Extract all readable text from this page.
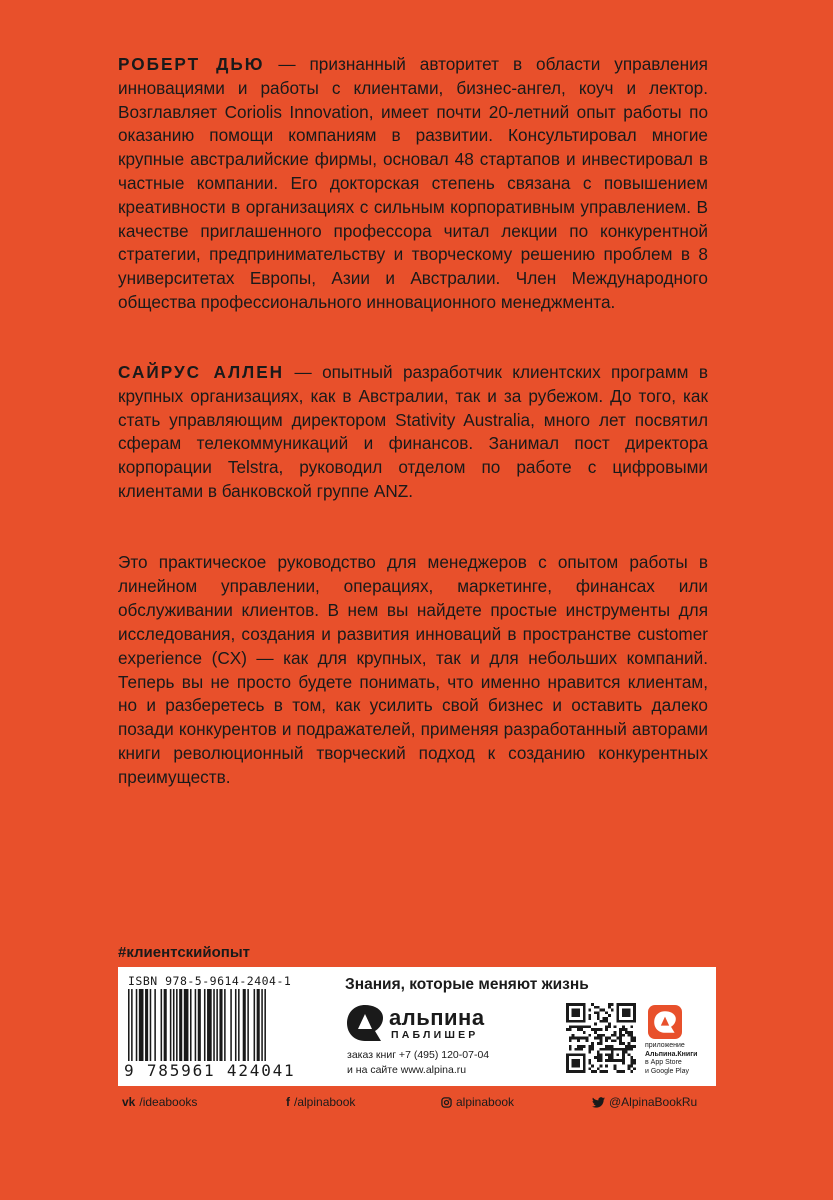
РОБЕРТ ДЬЮ — признанный авторитет в области управления инновациями и работы с клиентами, бизнес-ангел, коуч и лектор. Возглавляет Coriolis Innovation, имеет почти 20-летний опыт работы по оказанию помощи компаниям в развитии. Консультировал многие крупные австралийские фирмы, основал 48 стартапов и инвестировал в частные компании. Его докторская степень связана с повышением креативности в организациях с сильным корпоративным управлением. В качестве приглашенного профессора читал лекции по конкурентной стратегии, предпринимательству и творческому решению проблем в 8 университетах Европы, Азии и Австралии. Член Международного общества профессионального инновационного менеджмента.

САЙРУС АЛЛЕН — опытный разработчик клиентских программ в крупных организациях, как в Австралии, так и за рубежом. До того, как стать управляющим директором Stativity Australia, много лет посвятил сферам телекоммуникаций и финансов. Занимал пост директора корпорации Telstra, руководил отделом по работе с цифровыми клиентами в банковской группе ANZ.

Это практическое руководство для менеджеров с опытом работы в линейном управлении, операциях, маркетинге, финансах или обслуживании клиентов. В нем вы найдете простые инструменты для исследования, создания и развития инноваций в пространстве customer experience (CX) — как для крупных, так и для небольших компаний. Теперь вы не просто будете понимать, что именно нравится клиентам, но и разберетесь в том, как усилить свой бизнес и оставить далеко позади конкурентов и подражателей, применяя разработанный авторами книги революционный творческий подход к созданию конкурентных преимуществ.

#клиентскийопыт
ISBN 978-5-9614-2404-1
9 785961 424041
Знания, которые меняют жизнь
альпина
ПАБЛИШЕР
заказ книг +7 (495) 120-07-04
и на сайте www.alpina.ru
приложение
Альпина.Книги
в App Store
и Google Play
vk /ideabooks	f /alpinabook	alpinabook	@AlpinaBookRu
